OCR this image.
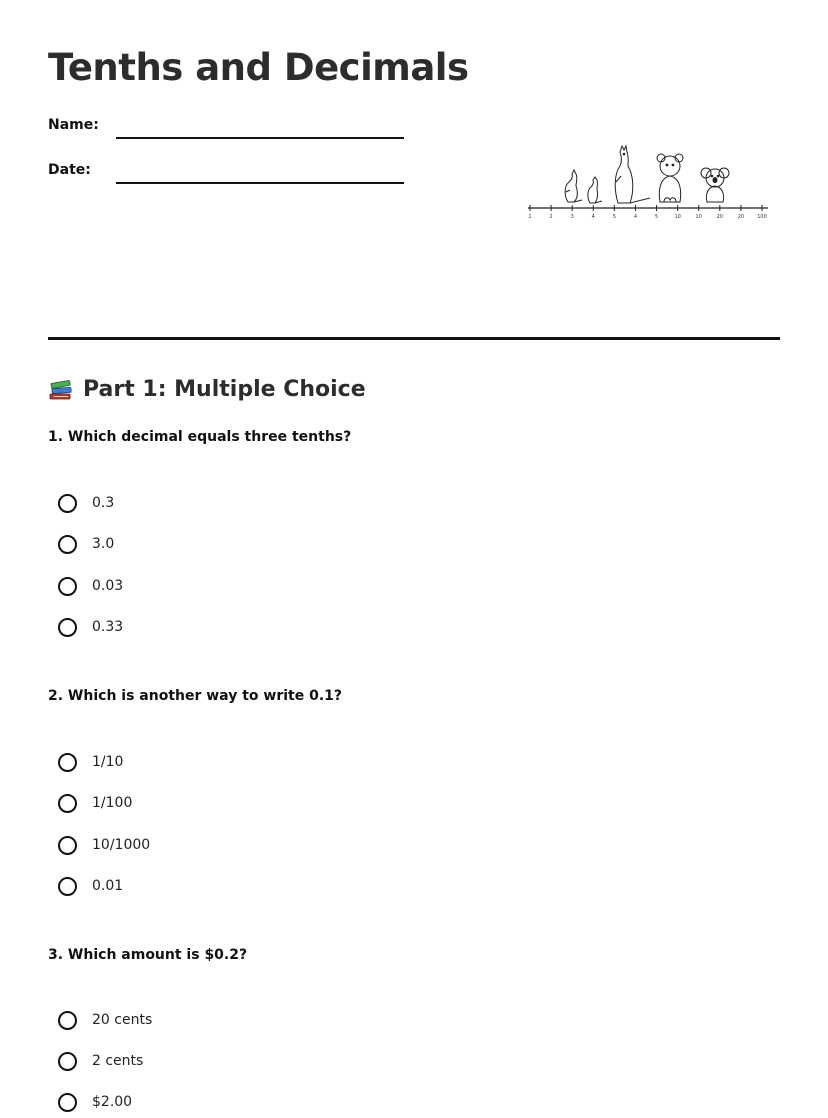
Tenths and Decimals
Name:
Date:
1	2	3	4	5	4	5	10	10	20	20	100
Part 1: Multiple Choice

1. Which decimal equals three tenths?

0.3
3.0
0.03
0.33

2. Which is another way to write 0.1?

1/10
1/100
10/1000
0.01

3. Which amount is $0.2?

20 cents
2 cents
$2.00
